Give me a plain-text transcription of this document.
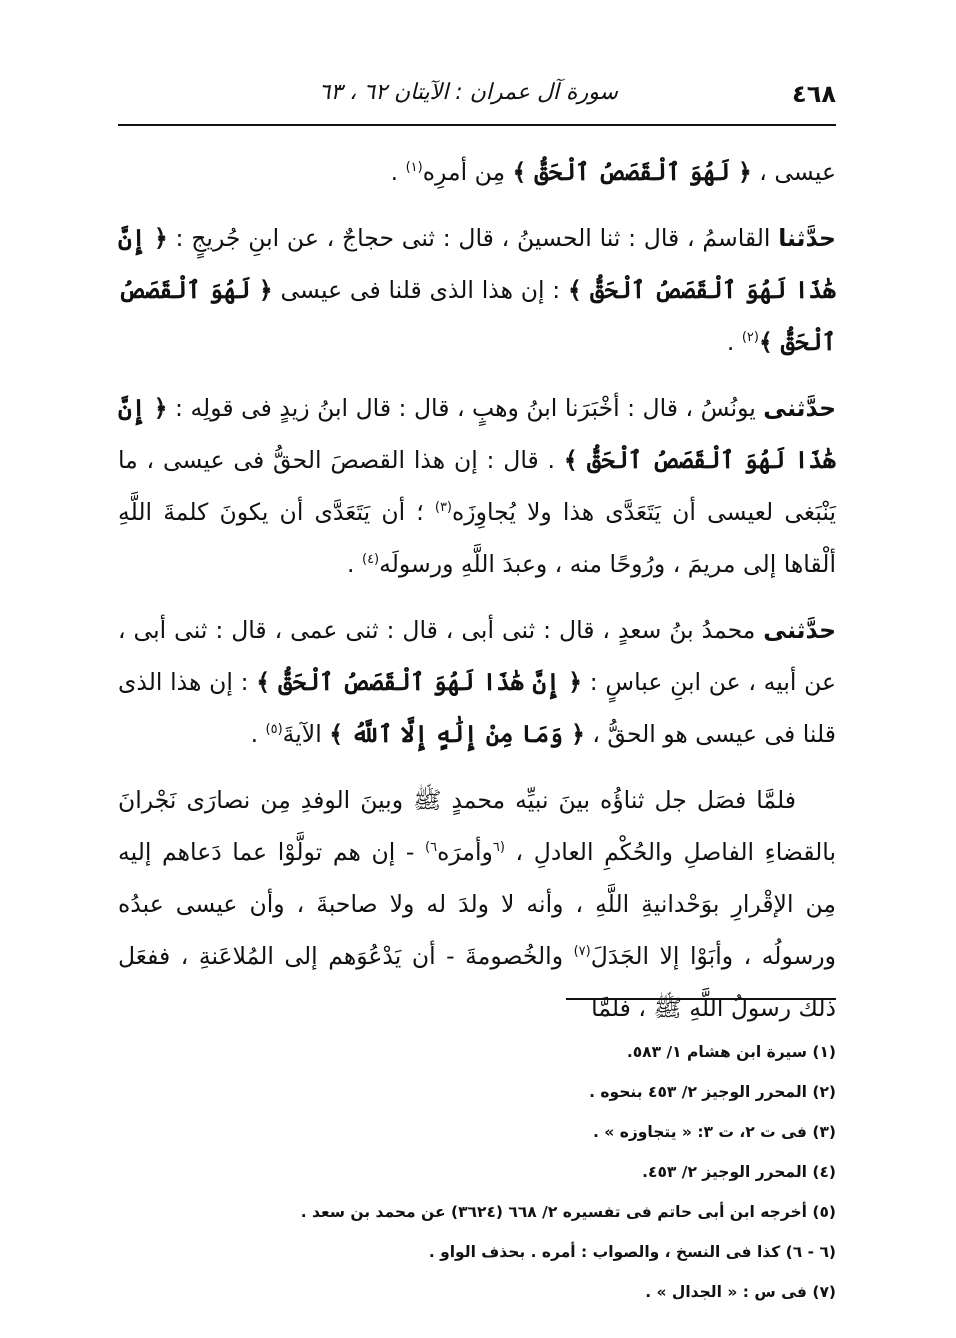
٤٦٨
سورة آل عمران : الآيتان ٦٢ ، ٦٣

عيسى ، ﴿ لَهُوَ ٱلْقَصَصُ ٱلْحَقُّ ﴾ مِن أمرِه$^{(١)}$ .

حدَّثنا القاسمُ ، قال : ثنا الحسينُ ، قال : ثنى حجاجٌ ، عن ابنِ جُريجٍ : ﴿ إِنَّ هَٰذَا لَهُوَ ٱلْقَصَصُ ٱلْحَقُّ ﴾ : إن هذا الذى قلنا فى عيسى ﴿ لَهُوَ ٱلْقَصَصُ ٱلْحَقُّ ﴾$^{(٢)}$ .

حدَّثنى يونُسُ ، قال : أخْبَرَنا ابنُ وهبٍ ، قال : قال ابنُ زيدٍ فى قولِه : ﴿ إِنَّ هَٰذَا لَهُوَ ٱلْقَصَصُ ٱلْحَقُّ ﴾ . قال : إن هذا القصصَ الحقُّ فى عيسى ، ما يَنْبَغى لعيسى أن يَتَعَدَّى هذا ولا يُجاوِزَه$^{(٣)}$ ؛ أن يَتَعَدَّى أن يكونَ كلمةَ اللَّهِ ألْقاها إلى مريمَ ، ورُوحًا منه ، وعبدَ اللَّهِ ورسولَه$^{(٤)}$ .

حدَّثنى محمدُ بنُ سعدٍ ، قال : ثنى أبى ، قال : ثنى عمى ، قال : ثنى أبى ، عن أبيه ، عن ابنِ عباسٍ : ﴿ إِنَّ هَٰذَا لَهُوَ ٱلْقَصَصُ ٱلْحَقُّ ﴾ : إن هذا الذى قلنا فى عيسى هو الحقُّ ، ﴿ وَمَا مِنْ إِلَٰهٍ إِلَّا ٱللَّهُ ﴾ الآيةَ$^{(٥)}$ .

فلمَّا فصَل جل ثناؤُه بينَ نبيِّه محمدٍ ﷺ وبينَ الوفدِ مِن نصارَى نَجْرانَ بالقضاءِ الفاصلِ والحُكْمِ العادلِ ، $^{(٦}$وأمرَه$^{٦)}$ - إن هم تولَّوْا عما دَعاهم إليه مِن الإقْرارِ بوَحْدانيةِ اللَّهِ ، وأنه لا ولدَ له ولا صاحبةَ ، وأن عيسى عبدُه ورسولُه ، وأبَوْا إلا الجَدَلَ$^{(٧)}$ والخُصومةَ - أن يَدْعُوَهم إلى المُلاعَنةِ ، ففعَل ذلك رسولُ اللَّهِ ﷺ ، فلمَّا

(١) سيرة ابن هشام ١/ ٥٨٣.
(٢) المحرر الوجيز ٢/ ٤٥٣ بنحوه .
(٣) فى ت ٢، ت ٣: « يتجاوزه » .
(٤) المحرر الوجيز ٢/ ٤٥٣.
(٥) أخرجه ابن أبى حاتم فى تفسيره ٢/ ٦٦٨ (٣٦٢٤) عن محمد بن سعد .
(٦ - ٦) كذا فى النسخ ، والصواب : أمره . بحذف الواو .
(٧) فى س : « الجدال » .
